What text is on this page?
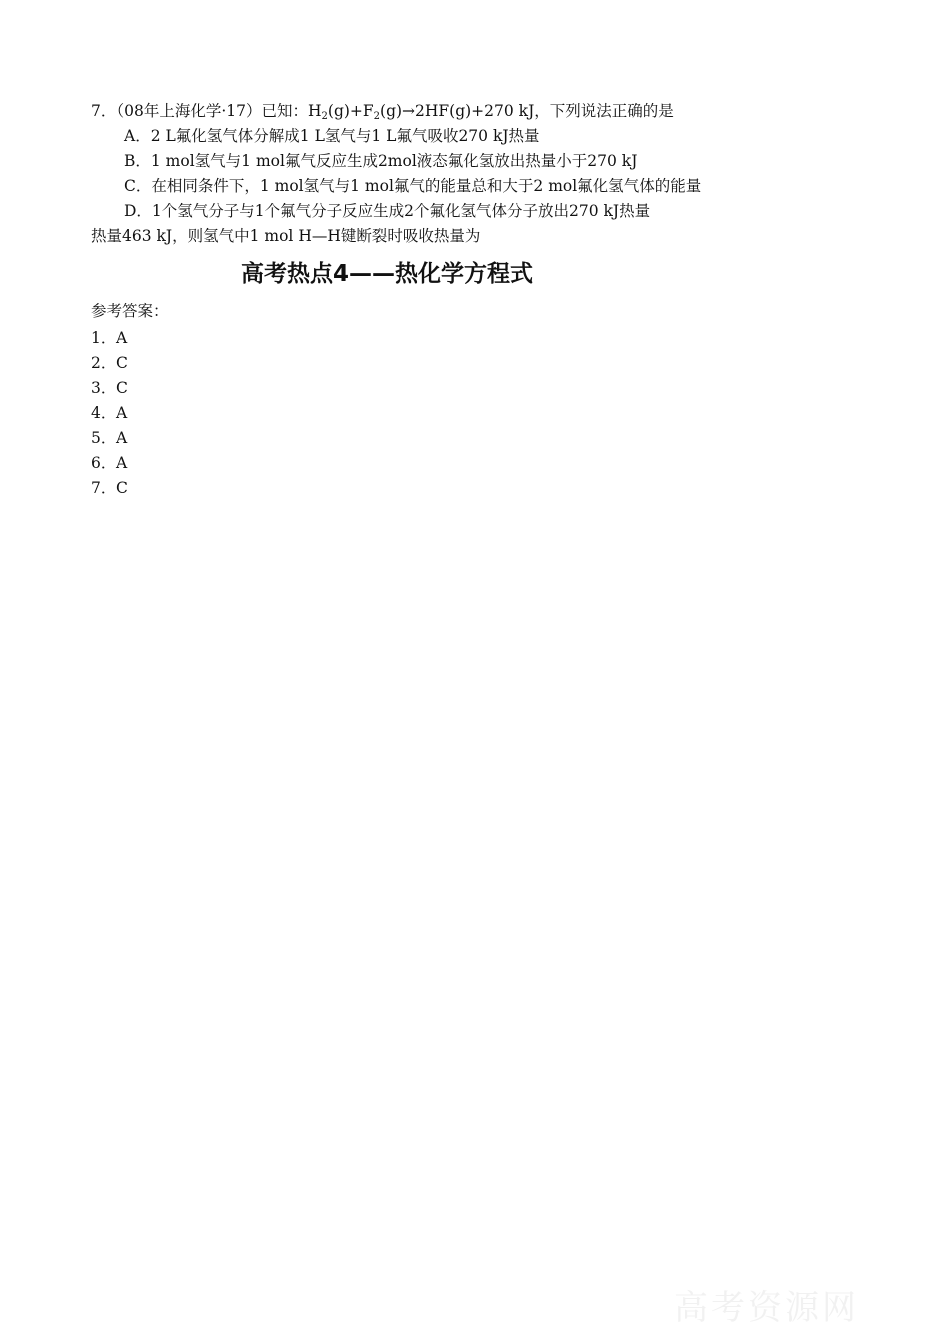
7．（08年上海化学·17）已知：$H_2(g)+F_2(g)\to 2HF(g)+270$ kJ，下列说法正确的是
A．2 L氟化氢气体分解成1 L氢气与1 L氟气吸收270 kJ热量
B．1 mol氢气与1 mol氟气反应生成2mol液态氟化氢放出热量小于270 kJ
C．在相同条件下，1 mol氢气与1 mol氟气的能量总和大于2 mol氟化氢气体的能量
D．1个氢气分子与1个氟气分子反应生成2个氟化氢气体分子放出270 kJ热量
热量463 kJ，则氢气中1 mol H—H键断裂时吸收热量为
高考热点4——热化学方程式
参考答案：
1．A
2．C
3．C
4．A
5．A
6．A
7．C
高考资源网
